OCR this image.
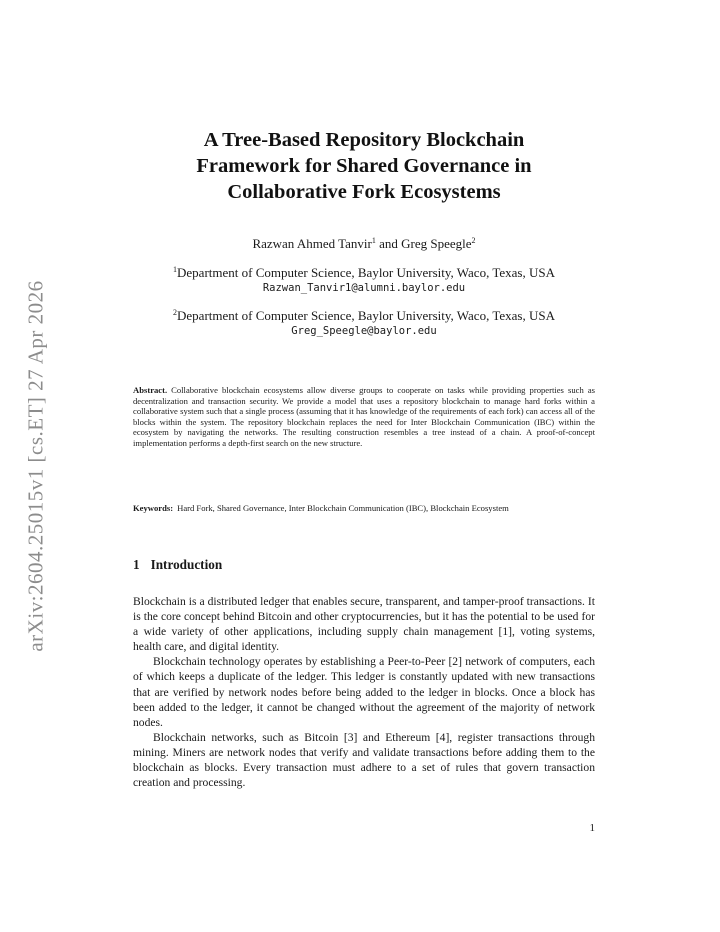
arXiv:2604.25015v1 [cs.ET] 27 Apr 2026
A Tree-Based Repository Blockchain
Framework for Shared Governance in
Collaborative Fork Ecosystems
Razwan Ahmed Tanvir$^1$ and Greg Speegle$^2$
$^1$Department of Computer Science, Baylor University, Waco, Texas, USA
Razwan_Tanvir1@alumni.baylor.edu
$^2$Department of Computer Science, Baylor University, Waco, Texas, USA
Greg_Speegle@baylor.edu
Abstract. Collaborative blockchain ecosystems allow diverse groups to cooperate on tasks while providing properties such as decentralization and transaction security. We provide a model that uses a repository blockchain to manage hard forks within a collaborative system such that a single process (assuming that it has knowledge of the requirements of each fork) can access all of the blocks within the system. The repository blockchain replaces the need for Inter Blockchain Communication (IBC) within the ecosystem by navigating the networks. The resulting construction resembles a tree instead of a chain. A proof-of-concept implementation performs a depth-first search on the new structure.
Keywords: Hard Fork, Shared Governance, Inter Blockchain Communication (IBC), Blockchain Ecosystem
1 Introduction

Blockchain is a distributed ledger that enables secure, transparent, and tamper-proof transactions. It is the core concept behind Bitcoin and other cryptocurrencies, but it has the potential to be used for a wide variety of other applications, including supply chain management [1], voting systems, health care, and digital identity.

Blockchain technology operates by establishing a Peer-to-Peer [2] network of computers, each of which keeps a duplicate of the ledger. This ledger is constantly updated with new transactions that are verified by network nodes before being added to the ledger in blocks. Once a block has been added to the ledger, it cannot be changed without the agreement of the majority of network nodes.

Blockchain networks, such as Bitcoin [3] and Ethereum [4], register transactions through mining. Miners are network nodes that verify and validate transactions before adding them to the blockchain as blocks. Every transaction must adhere to a set of rules that govern transaction creation and processing.

1
